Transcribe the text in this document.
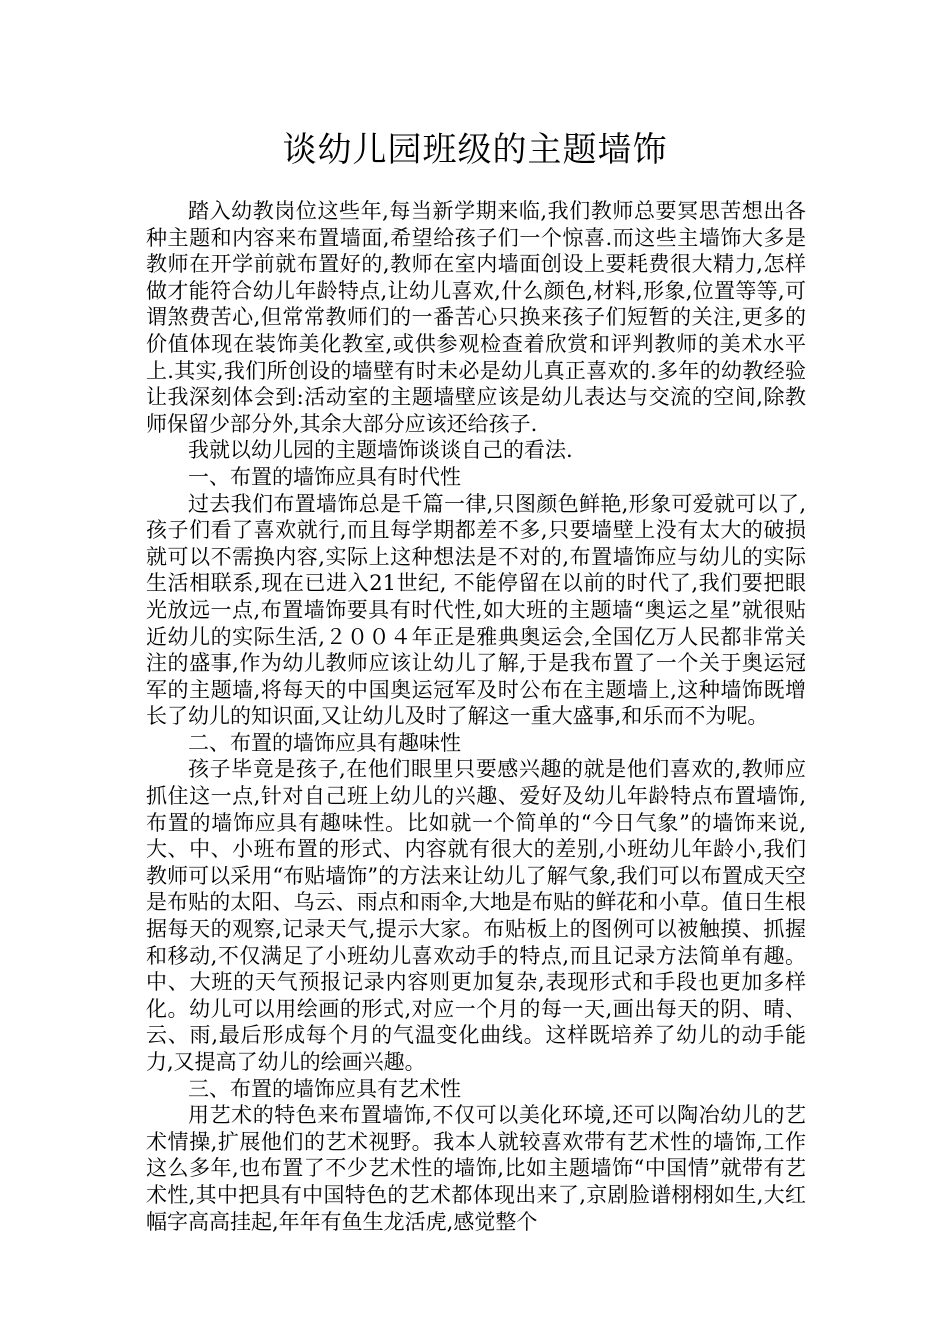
谈幼儿园班级的主题墙饰

踏入幼教岗位这些年,每当新学期来临,我们教师总要冥思苦想出各种主题和内容来布置墙面,希望给孩子们一个惊喜.而这些主墙饰大多是教师在开学前就布置好的,教师在室内墙面创设上要耗费很大精力,怎样做才能符合幼儿年龄特点,让幼儿喜欢,什么颜色,材料,形象,位置等等,可谓煞费苦心,但常常教师们的一番苦心只换来孩子们短暂的关注,更多的价值体现在装饰美化教室,或供参观检查着欣赏和评判教师的美术水平上.其实,我们所创设的墙壁有时未必是幼儿真正喜欢的.多年的幼教经验让我深刻体会到:活动室的主题墙壁应该是幼儿表达与交流的空间,除教师保留少部分外,其余大部分应该还给孩子.

我就以幼儿园的主题墙饰谈谈自己的看法.

一、布置的墙饰应具有时代性

过去我们布置墙饰总是千篇一律,只图颜色鲜艳,形象可爱就可以了,孩子们看了喜欢就行,而且每学期都差不多,只要墙壁上没有太大的破损就可以不需换内容,实际上这种想法是不对的,布置墙饰应与幼儿的实际生活相联系,现在已进入21世纪, 不能停留在以前的时代了,我们要把眼光放远一点,布置墙饰要具有时代性,如大班的主题墙“奥运之星”就很贴近幼儿的实际生活,２００４年正是雅典奥运会,全国亿万人民都非常关注的盛事,作为幼儿教师应该让幼儿了解,于是我布置了一个关于奥运冠军的主题墙,将每天的中国奥运冠军及时公布在主题墙上,这种墙饰既增长了幼儿的知识面,又让幼儿及时了解这一重大盛事,和乐而不为呢。

二、布置的墙饰应具有趣味性

孩子毕竟是孩子,在他们眼里只要感兴趣的就是他们喜欢的,教师应抓住这一点,针对自己班上幼儿的兴趣、爱好及幼儿年龄特点布置墙饰,布置的墙饰应具有趣味性。比如就一个简单的“今日气象”的墙饰来说,大、中、小班布置的形式、内容就有很大的差别,小班幼儿年龄小,我们教师可以采用“布贴墙饰”的方法来让幼儿了解气象,我们可以布置成天空是布贴的太阳、乌云、雨点和雨伞,大地是布贴的鲜花和小草。值日生根据每天的观察,记录天气,提示大家。布贴板上的图例可以被触摸、抓握和移动,不仅满足了小班幼儿喜欢动手的特点,而且记录方法简单有趣。中、大班的天气预报记录内容则更加复杂,表现形式和手段也更加多样化。幼儿可以用绘画的形式,对应一个月的每一天,画出每天的阴、晴、云、雨,最后形成每个月的气温变化曲线。这样既培养了幼儿的动手能力,又提高了幼儿的绘画兴趣。

三、布置的墙饰应具有艺术性

用艺术的特色来布置墙饰,不仅可以美化环境,还可以陶冶幼儿的艺术情操,扩展他们的艺术视野。我本人就较喜欢带有艺术性的墙饰,工作这么多年,也布置了不少艺术性的墙饰,比如主题墙饰“中国情”就带有艺术性,其中把具有中国特色的艺术都体现出来了,京剧脸谱栩栩如生,大红幅字高高挂起,年年有鱼生龙活虎,感觉整个
